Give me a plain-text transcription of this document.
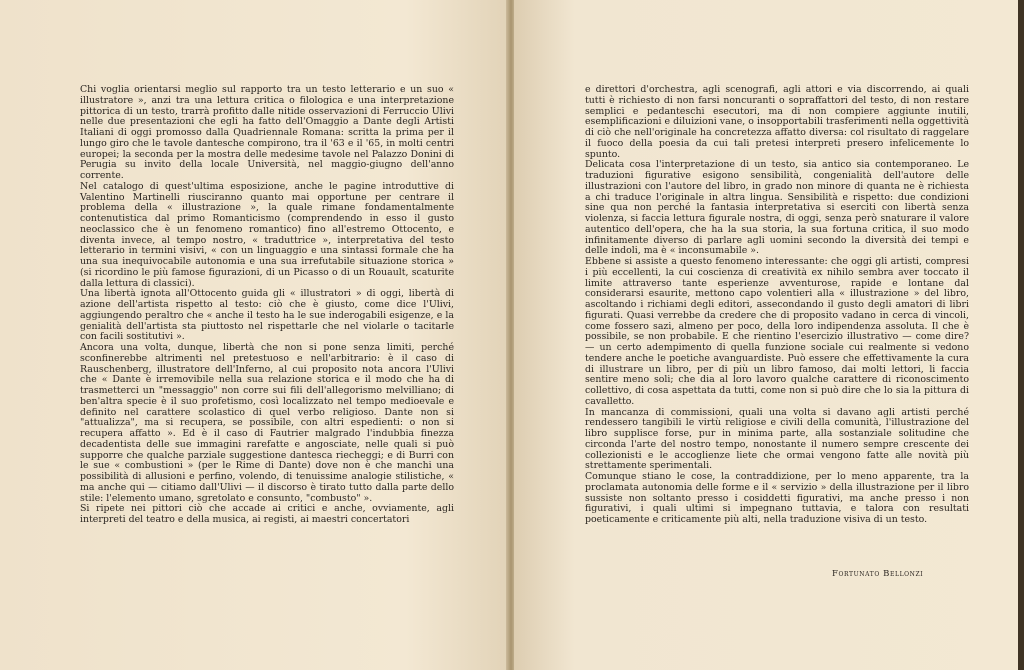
Chi voglia orientarsi meglio sul rapporto tra un testo letterario e un suo « illustratore », anzi tra una lettura critica o filologica e una interpretazione pittorica di un testo, trarrà profitto dalle nitide osservazioni di Ferruccio Ulivi nelle due presentazioni che egli ha fatto dell'Omaggio a Dante degli Artisti Italiani di oggi promosso dalla Quadriennale Romana: scritta la prima per il lungo giro che le tavole dantesche compirono, tra il '63 e il '65, in molti centri europei; la seconda per la mostra delle medesime tavole nel Palazzo Donini di Perugia su invito della locale Università, nel maggio-giugno dell'anno corrente.

Nel catalogo di quest'ultima esposizione, anche le pagine introduttive di Valentino Martinelli riusciranno quanto mai opportune per centrare il problema della « illustrazione », la quale rimane fondamentalmente contenutistica dal primo Romanticismo (comprendendo in esso il gusto neoclassico che è un fenomeno romantico) fino all'estremo Ottocento, e diventa invece, al tempo nostro, « traduttrice », interpretativa del testo letterario in termini visivi, « con un linguaggio e una sintassi formale che ha una sua inequivocabile autonomia e una sua irrefutabile situazione storica » (si ricordino le più famose figurazioni, di un Picasso o di un Rouault, scaturite dalla lettura di classici).

Una libertà ignota all'Ottocento guida gli « illustratori » di oggi, libertà di azione dell'artista rispetto al testo: ciò che è giusto, come dice l'Ulivi, aggiungendo peraltro che « anche il testo ha le sue inderogabili esigenze, e la genialità dell'artista sta piuttosto nel rispettarle che nel violarle o tacitarle con facili sostitutivi ».

Ancora una volta, dunque, libertà che non si pone senza limiti, perché sconfinerebbe altrimenti nel pretestuoso e nell'arbitrario: è il caso di Rauschenberg, illustratore dell'Inferno, al cui proposito nota ancora l'Ulivi che « Dante è irremovibile nella sua relazione storica e il modo che ha di trasmetterci un "messaggio" non corre sui fili dell'allegorismo melvilliano; di ben'altra specie è il suo profetismo, così localizzato nel tempo medioevale e definito nel carattere scolastico di quel verbo religioso. Dante non si "attualizza", ma si recupera, se possibile, con altri espedienti: o non si recupera affatto ». Ed è il caso di Fautrier malgrado l'indubbia finezza decadentista delle sue immagini rarefatte e angosciate, nelle quali si può supporre che qualche parziale suggestione dantesca riecheggi; e di Burri con le sue « combustioni » (per le Rime di Dante) dove non è che manchi una possibilità di allusioni e perfino, volendo, di tenuissime analogie stilistiche, « ma anche qui — citiamo dall'Ulivi — il discorso è tirato tutto dalla parte dello stile: l'elemento umano, sgretolato e consunto, "combusto" ».

Si ripete nei pittori ciò che accade ai critici e anche, ovviamente, agli interpreti del teatro e della musica, ai registi, ai maestri concertatori

e direttori d'orchestra, agli scenografi, agli attori e via discorrendo, ai quali tutti è richiesto di non farsi noncuranti o sopraffattori del testo, di non restare semplici e pedanteschi esecutori, ma di non compiere aggiunte inutili, esemplificazioni e diluizioni vane, o insopportabili trasferimenti nella oggettività di ciò che nell'originale ha concretezza affatto diversa: col risultato di raggelare il fuoco della poesia da cui tali pretesi interpreti presero infelicemente lo spunto.

Delicata cosa l'interpretazione di un testo, sia antico sia contemporaneo. Le traduzioni figurative esigono sensibilità, congenialità dell'autore delle illustrazioni con l'autore del libro, in grado non minore di quanta ne è richiesta a chi traduce l'originale in altra lingua. Sensibilità e rispetto: due condizioni sine qua non perché la fantasia interpretativa si eserciti con libertà senza violenza, si faccia lettura figurale nostra, di oggi, senza però snaturare il valore autentico dell'opera, che ha la sua storia, la sua fortuna critica, il suo modo infinitamente diverso di parlare agli uomini secondo la diversità dei tempi e delle indoli, ma è « inconsumabile ».

Ebbene si assiste a questo fenomeno interessante: che oggi gli artisti, compresi i più eccellenti, la cui coscienza di creatività ex nihilo sembra aver toccato il limite attraverso tante esperienze avventurose, rapide e lontane dal considerarsi esaurite, mettono capo volentieri alla « illustrazione » del libro, ascoltando i richiami degli editori, assecondando il gusto degli amatori di libri figurati. Quasi verrebbe da credere che di proposito vadano in cerca di vincoli, come fossero sazi, almeno per poco, della loro indipendenza assoluta. Il che è possibile, se non probabile. E che rientino l'esercizio illustrativo — come dire? — un certo adempimento di quella funzione sociale cui realmente si vedono tendere anche le poetiche avanguardiste. Può essere che effettivamente la cura di illustrare un libro, per di più un libro famoso, dai molti lettori, li faccia sentire meno soli; che dia al loro lavoro qualche carattere di riconoscimento collettivo, di cosa aspettata da tutti, come non si può dire che lo sia la pittura di cavalletto.

In mancanza di commissioni, quali una volta si davano agli artisti perché rendessero tangibili le virtù religiose e civili della comunità, l'illustrazione del libro supplisce forse, pur in minima parte, alla sostanziale solitudine che circonda l'arte del nostro tempo, nonostante il numero sempre crescente dei collezionisti e le accoglienze liete che ormai vengono fatte alle novità più strettamente sperimentali.

Comunque stiano le cose, la contraddizione, per lo meno apparente, tra la proclamata autonomia delle forme e il « servizio » della illustrazione per il libro sussiste non soltanto presso i cosiddetti figurativi, ma anche presso i non figurativi, i quali ultimi si impegnano tuttavia, e talora con resultati poeticamente e criticamente più alti, nella traduzione visiva di un testo.

Fortunato Bellonzi
